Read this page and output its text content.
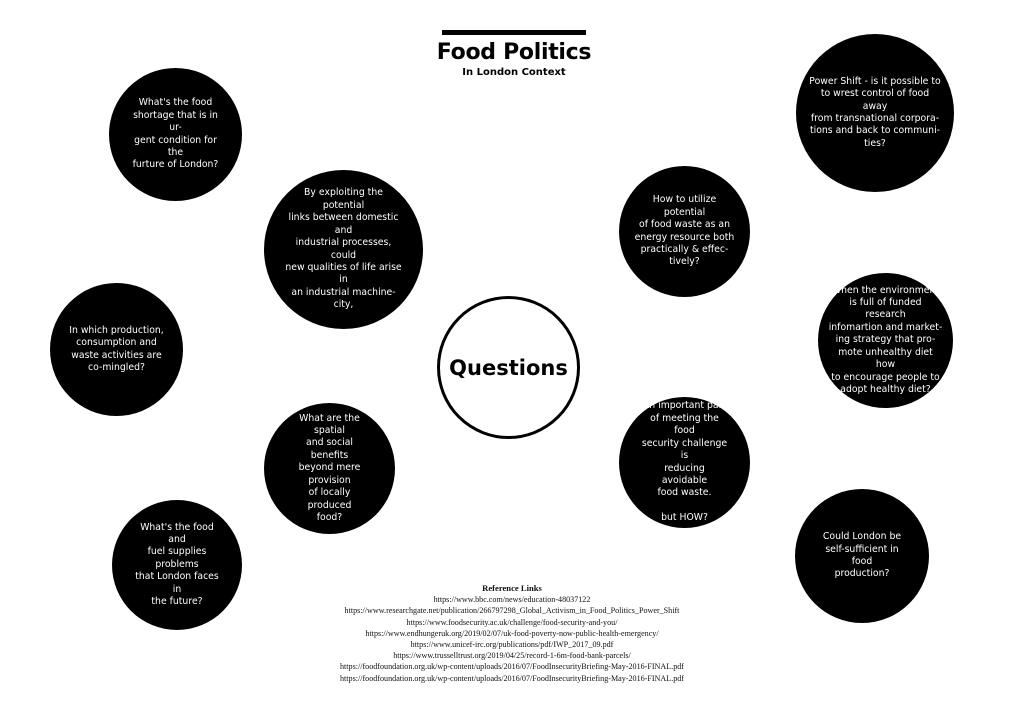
Food Politics
In London Context
What's the food
shortage that is in ur-
gent condition for the
furture of London?
By exploiting the potential
links between domestic and
industrial processes, could
new qualities of life arise in
an industrial machine-city,
In which production,
consumption and
waste activities are
co-mingled?
What are the spatial
and social benefits
beyond mere provision
of locally produced
food?
What's the food and
fuel supplies problems
that London faces in
the future?
How to utilize potential
of food waste as an
energy resource both
practically & effec-
tively?
An important part
of meeting the food
security challenge is
reducing avoidable
food waste.

but HOW?
Power Shift - is it possible to
to wrest control of food away
from transnational corpora-
tions and back to communi-
ties?
When the environment
is full of funded research
infomartion and market-
ing strategy that pro-
mote unhealthy diet how
to encourage people to
adopt healthy diet?
Could London be
self-sufficient in food
production?
Questions
Reference Links
https://www.bbc.com/news/education-48037122
https://www.researchgate.net/publication/266797298_Global_Activism_in_Food_Politics_Power_Shift
https://www.foodsecurity.ac.uk/challenge/food-security-and-you/
https://www.endhungeruk.org/2019/02/07/uk-food-poverty-now-public-health-emergency/
https://www.unicef-irc.org/publications/pdf/IWP_2017_09.pdf
https://www.trusselltrust.org/2019/04/25/record-1-6m-food-bank-parcels/
https://foodfoundation.org.uk/wp-content/uploads/2016/07/FoodInsecurityBriefing-May-2016-FINAL.pdf
https://foodfoundation.org.uk/wp-content/uploads/2016/07/FoodInsecurityBriefing-May-2016-FINAL.pdf
